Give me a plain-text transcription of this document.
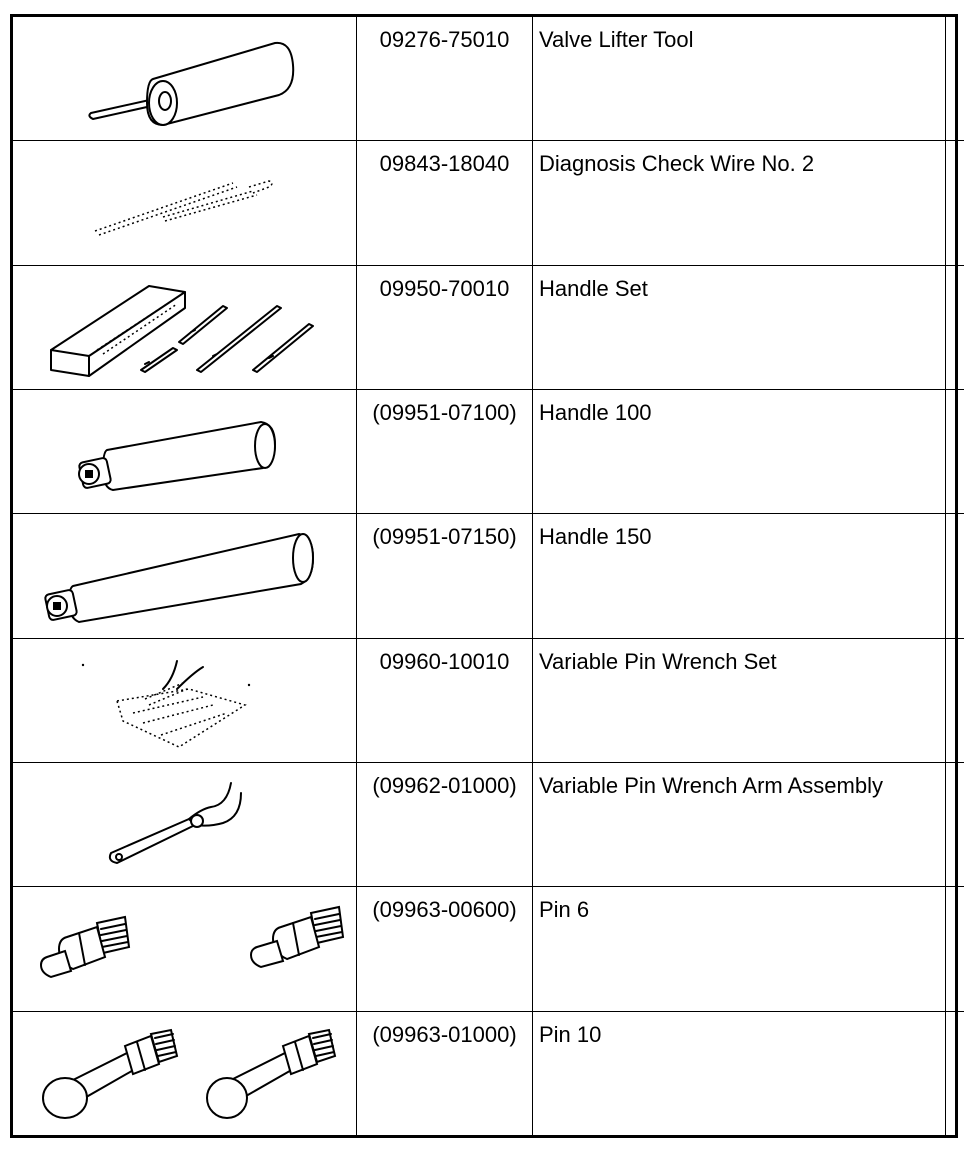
	09276-75010	Valve Lifter Tool	

	09843-18040	Diagnosis Check Wire No. 2	

	09950-70010	Handle Set	

	(09951-07100)	Handle 100	

	(09951-07150)	Handle 150	

	09960-10010	Variable Pin Wrench Set	

	(09962-01000)	Variable Pin Wrench Arm Assembly	

	(09963-00600)	Pin 6	

	(09963-01000)	Pin 10	
